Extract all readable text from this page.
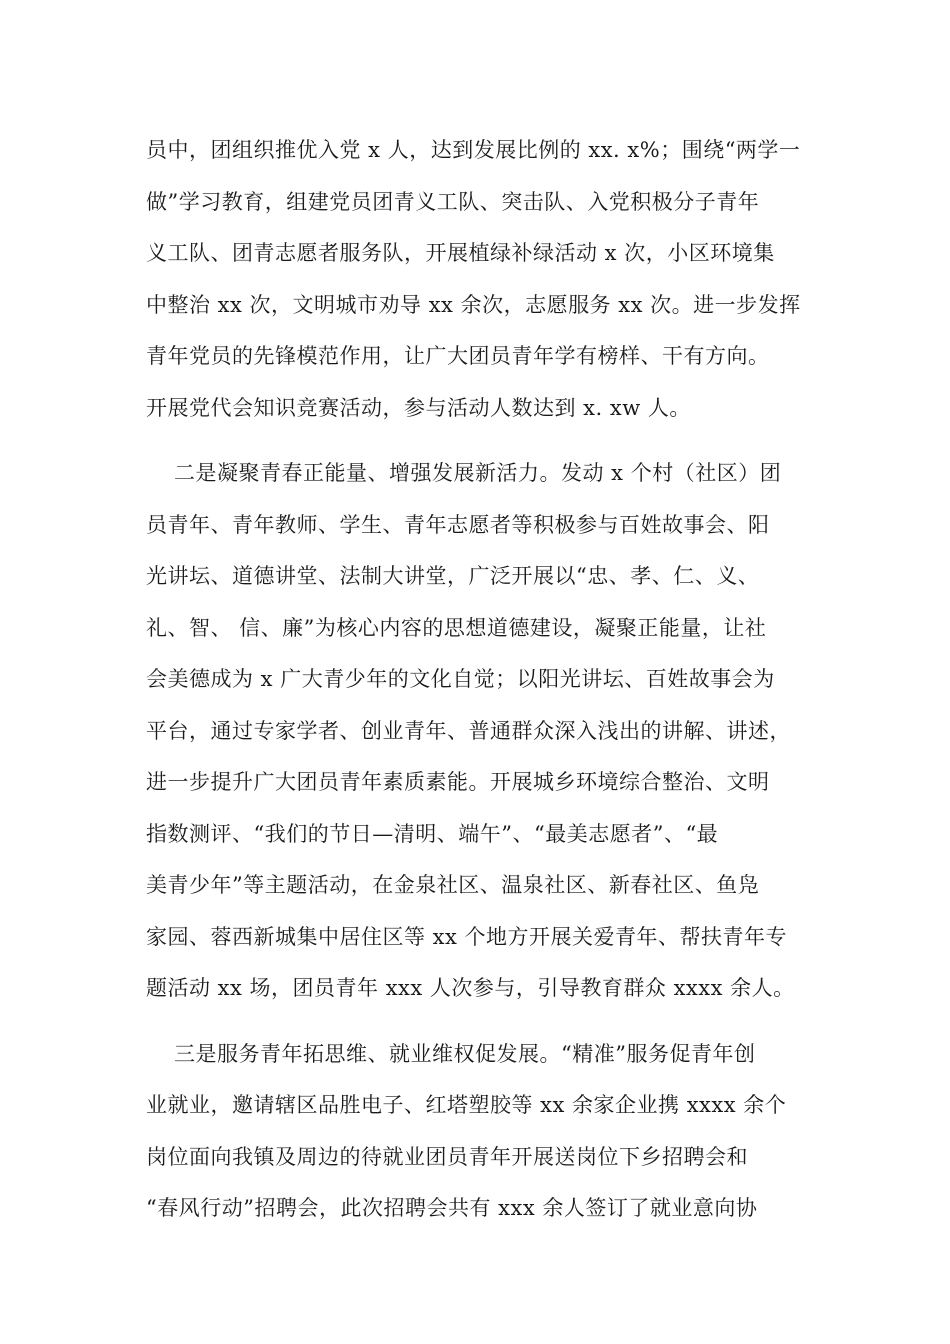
员中，团组织推优入党 x 人，达到发展比例的 xx. x%；围绕“两学一
做”学习教育，组建党员团青义工队、突击队、入党积极分子青年
义工队、团青志愿者服务队，开展植绿补绿活动 x 次，小区环境集
中整治 xx 次，文明城市劝导 xx 余次，志愿服务 xx 次。进一步发挥
青年党员的先锋模范作用，让广大团员青年学有榜样、干有方向。
开展党代会知识竞赛活动，参与活动人数达到 x. xw 人。
二是凝聚青春正能量、增强发展新活力。发动 x 个村（社区）团
员青年、青年教师、学生、青年志愿者等积极参与百姓故事会、阳
光讲坛、道德讲堂、法制大讲堂，广泛开展以“忠、孝、仁、义、
礼、智、 信、廉”为核心内容的思想道德建设，凝聚正能量，让社
会美德成为 x 广大青少年的文化自觉；以阳光讲坛、百姓故事会为
平台，通过专家学者、创业青年、普通群众深入浅出的讲解、讲述，
进一步提升广大团员青年素质素能。开展城乡环境综合整治、文明
指数测评、“我们的节日—清明、端午”、“最美志愿者”、“最
美青少年”等主题活动，在金泉社区、温泉社区、新春社区、鱼凫
家园、蓉西新城集中居住区等 xx 个地方开展关爱青年、帮扶青年专
题活动 xx 场，团员青年 xxx 人次参与，引导教育群众 xxxx 余人。
三是服务青年拓思维、就业维权促发展。“精准”服务促青年创
业就业，邀请辖区品胜电子、红塔塑胶等 xx 余家企业携 xxxx 余个
岗位面向我镇及周边的待就业团员青年开展送岗位下乡招聘会和
“春风行动”招聘会，此次招聘会共有 xxx 余人签订了就业意向协
